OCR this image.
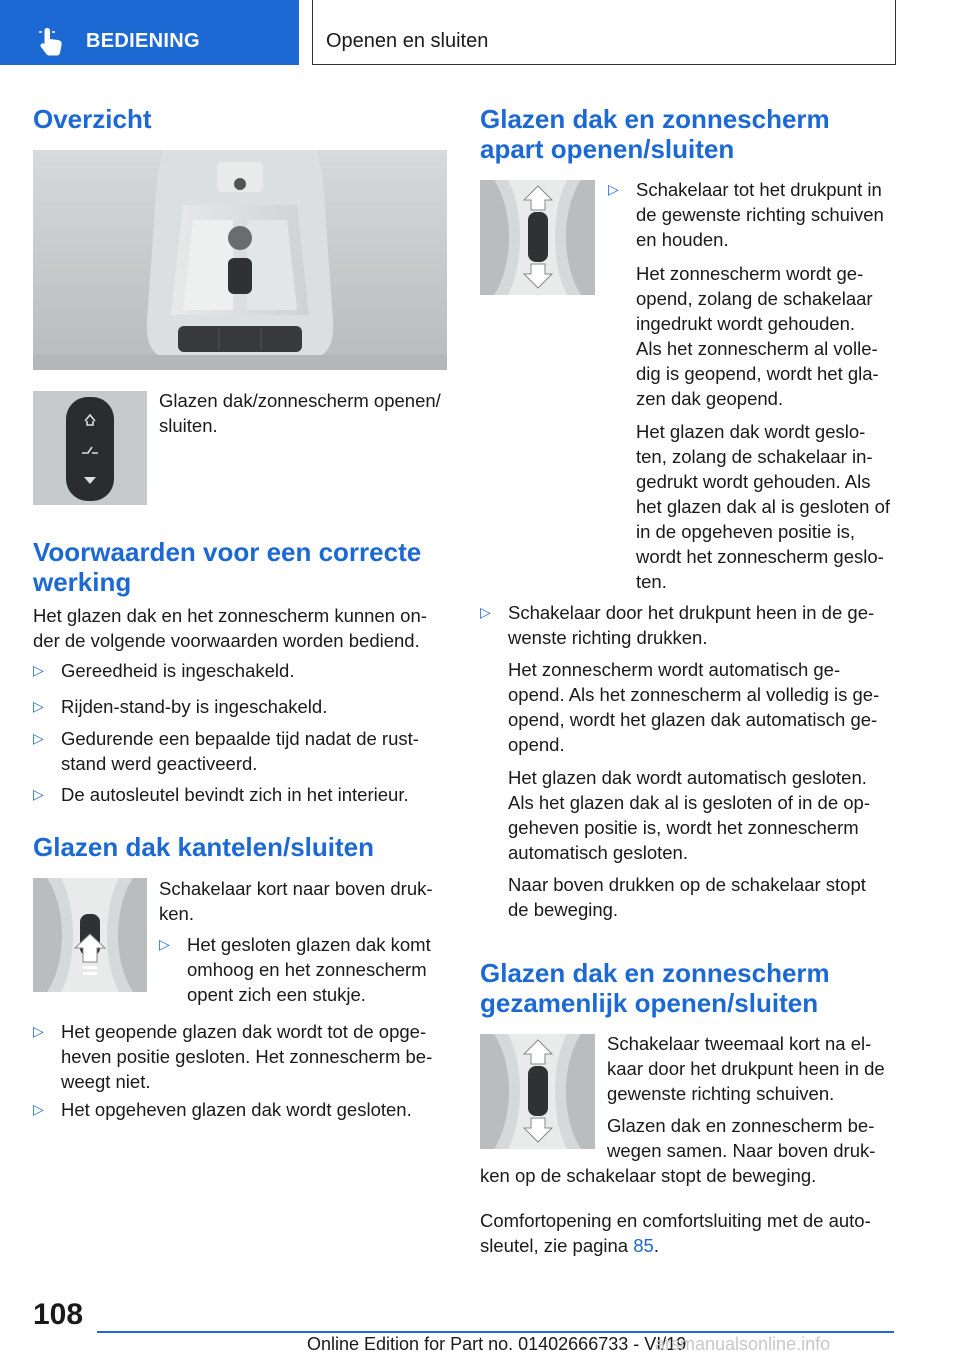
BEDIENING	Openen en sluiten
Overzicht

Glazen dak/zonnescherm openen/

sluiten.

Voorwaarden voor een correcte
werking

Het glazen dak en het zonnescherm kunnen on-

der de volgende voorwaarden worden bediend.

▷ Gereedheid is ingeschakeld.

▷ Rijden-stand-by is ingeschakeld.

▷ Gedurende een bepaalde tijd nadat de rust-

stand werd geactiveerd.

▷ De autosleutel bevindt zich in het interieur.

Glazen dak kantelen/sluiten

Schakelaar kort naar boven druk-

ken.

▷ Het gesloten glazen dak komt

omhoog en het zonnescherm

opent zich een stukje.

▷ Het geopende glazen dak wordt tot de opge-

heven positie gesloten. Het zonnescherm be-

weegt niet.

▷ Het opgeheven glazen dak wordt gesloten.

Glazen dak en zonnescherm
apart openen/sluiten
▷ Schakelaar tot het drukpunt in

de gewenste richting schuiven

en houden.

Het zonnescherm wordt ge-

opend, zolang de schakelaar

ingedrukt wordt gehouden.

Als het zonnescherm al volle-

dig is geopend, wordt het gla-

zen dak geopend.

Het glazen dak wordt geslo-

ten, zolang de schakelaar in-

gedrukt wordt gehouden. Als

het glazen dak al is gesloten of

in de opgeheven positie is,

wordt het zonnescherm geslo-

ten.

▷ Schakelaar door het drukpunt heen in de ge-

wenste richting drukken.

Het zonnescherm wordt automatisch ge-

opend. Als het zonnescherm al volledig is ge-

opend, wordt het glazen dak automatisch ge-

opend.

Het glazen dak wordt automatisch gesloten.

Als het glazen dak al is gesloten of in de op-

geheven positie is, wordt het zonnescherm

automatisch gesloten.

Naar boven drukken op de schakelaar stopt

de beweging.

Glazen dak en zonnescherm
gezamenlijk openen/sluiten

Schakelaar tweemaal kort na el-

kaar door het drukpunt heen in de

gewenste richting schuiven.

Glazen dak en zonnescherm be-

wegen samen. Naar boven druk-

ken op de schakelaar stopt de beweging.

Comfortopening en comfortsluiting met de auto-

sleutel, zie pagina 85.

108
Online Edition for Part no. 01402666733 - VI/19
arsmanualsonline.info
